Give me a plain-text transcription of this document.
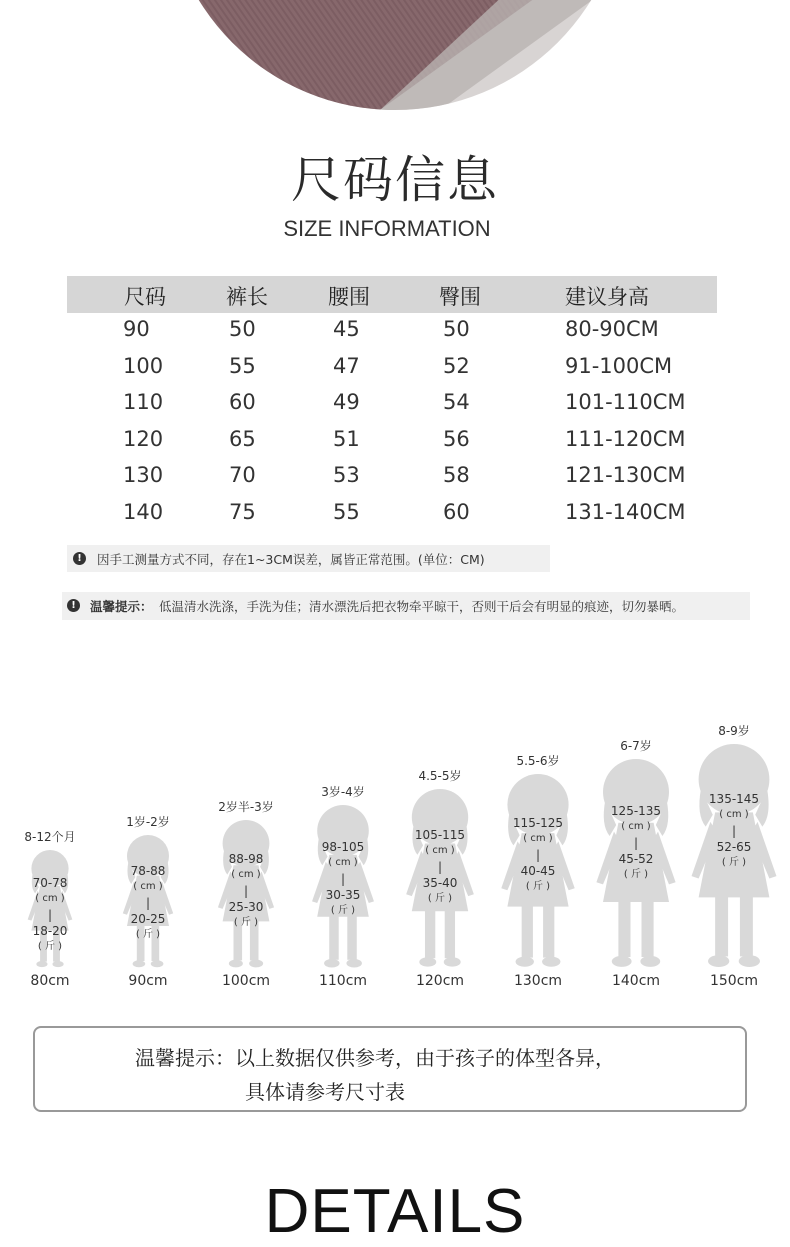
尺码信息
SIZE INFORMATION
尺码	裤长	腰围	臀围	建议身高
90	50	45	50	80-90CM
100	55	47	52	91-100CM
110	60	49	54	101-110CM
120	65	51	56	111-120CM
130	70	53	58	121-130CM
140	75	55	60	131-140CM
!	因手工测量方式不同，存在1~3CM误差，属皆正常范围。(单位：CM)
!	温馨提示： 低温清水洗涤，手洗为佳；清水漂洗后把衣物牵平晾干，否则干后会有明显的痕迹，切勿暴晒。
8-12个月
70-78
( cm )
|
18-20
( 斤 )
80cm
1岁-2岁
78-88
( cm )
|
20-25
( 斤 )
90cm
2岁半-3岁
88-98
( cm )
|
25-30
( 斤 )
100cm
3岁-4岁
98-105
( cm )
|
30-35
( 斤 )
110cm
4.5-5岁
105-115
( cm )
|
35-40
( 斤 )
120cm
5.5-6岁
115-125
( cm )
|
40-45
( 斤 )
130cm
6-7岁
125-135
( cm )
|
45-52
( 斤 )
140cm
8-9岁
135-145
( cm )
|
52-65
( 斤 )
150cm
温馨提示：以上数据仅供参考，由于孩子的体型各异，
具体请参考尺寸表
DETAILS
